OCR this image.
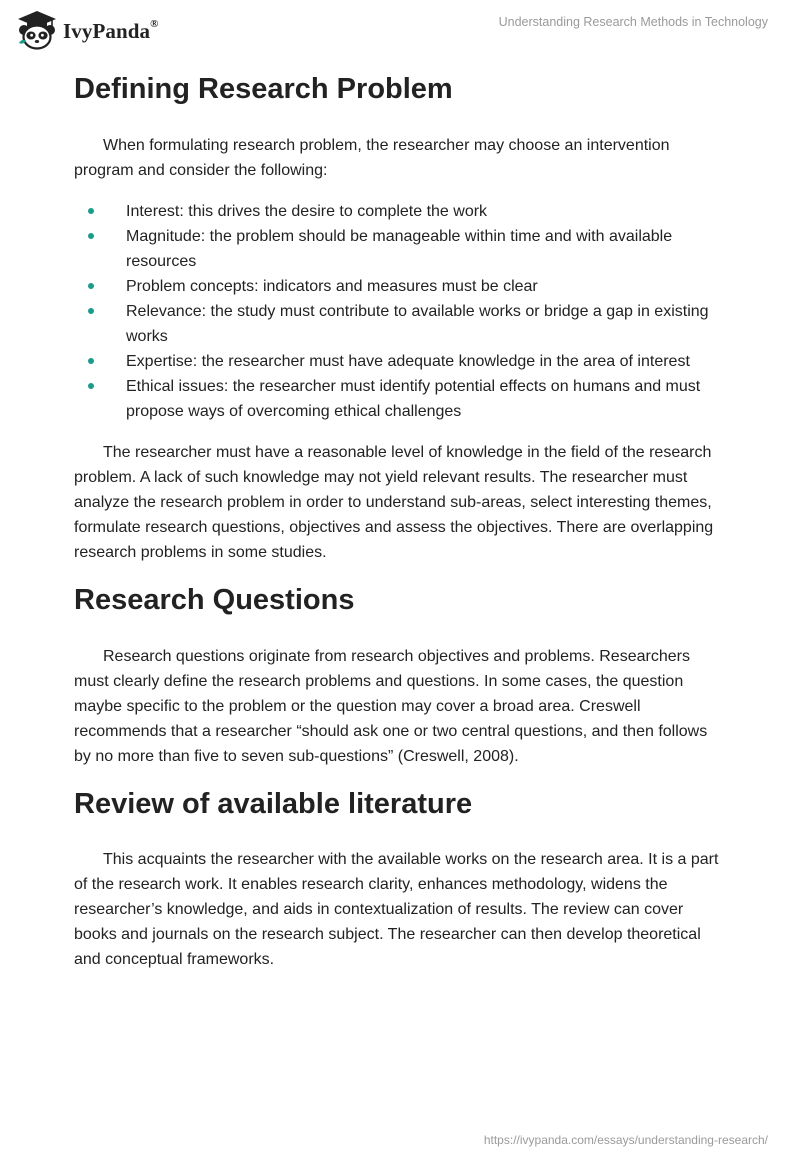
IvyPanda®	Understanding Research Methods in Technology
Defining Research Problem

When formulating research problem, the researcher may choose an intervention program and consider the following:

Interest: this drives the desire to complete the work
Magnitude: the problem should be manageable within time and with available resources
Problem concepts: indicators and measures must be clear
Relevance: the study must contribute to available works or bridge a gap in existing works
Expertise: the researcher must have adequate knowledge in the area of interest
Ethical issues: the researcher must identify potential effects on humans and must propose ways of overcoming ethical challenges

The researcher must have a reasonable level of knowledge in the field of the research problem. A lack of such knowledge may not yield relevant results. The researcher must analyze the research problem in order to understand sub-areas, select interesting themes, formulate research questions, objectives and assess the objectives. There are overlapping research problems in some studies.

Research Questions

Research questions originate from research objectives and problems. Researchers must clearly define the research problems and questions. In some cases, the question maybe specific to the problem or the question may cover a broad area. Creswell recommends that a researcher “should ask one or two central questions, and then follows by no more than five to seven sub-questions” (Creswell, 2008).

Review of available literature

This acquaints the researcher with the available works on the research area. It is a part of the research work. It enables research clarity, enhances methodology, widens the researcher’s knowledge, and aids in contextualization of results. The review can cover books and journals on the research subject. The researcher can then develop theoretical and conceptual frameworks.

https://ivypanda.com/essays/understanding-research/
